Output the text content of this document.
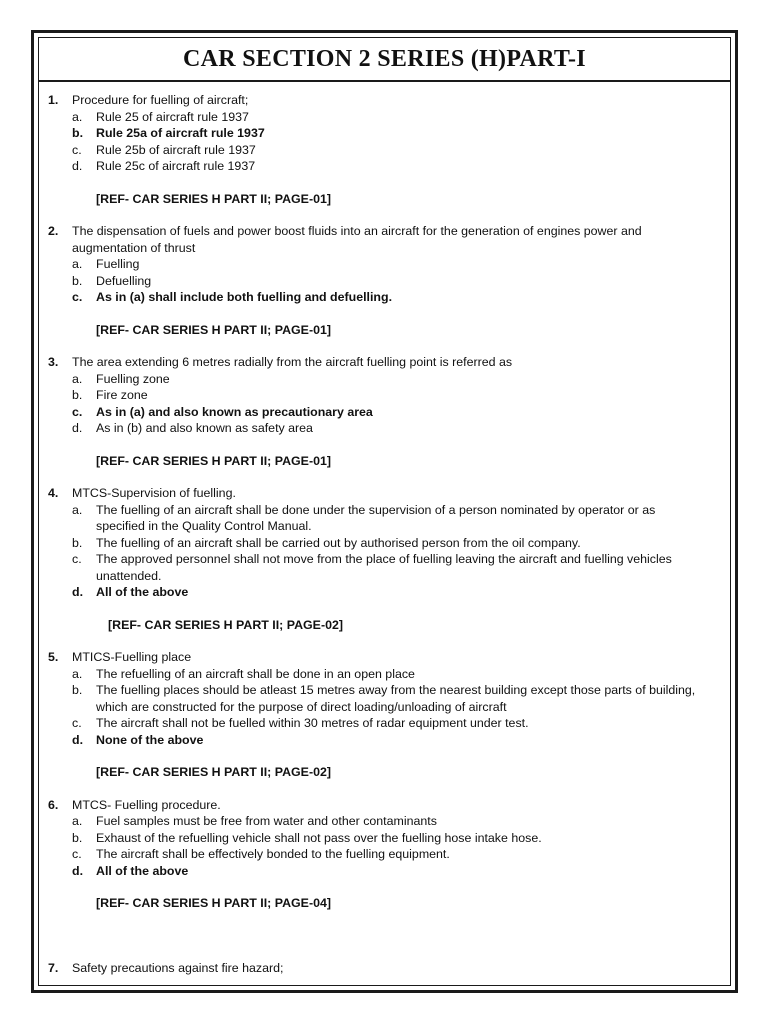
CAR SECTION 2 SERIES (H)PART-I
1.	Procedure for fuelling of aircraft;
a.	Rule 25 of aircraft rule 1937
b.	Rule 25a of aircraft rule 1937
c.	Rule 25b of aircraft rule 1937
d.	Rule 25c of aircraft rule 1937
[REF- CAR SERIES H PART II; PAGE-01]
2.	The dispensation of fuels and power boost fluids into an aircraft for the generation of engines power and augmentation of thrust
a.	Fuelling
b.	Defuelling
c.	As in (a) shall include both fuelling and defuelling.
[REF- CAR SERIES H PART II; PAGE-01]
3.	The area extending 6 metres radially from the aircraft fuelling point is referred as
a.	Fuelling zone
b.	Fire zone
c.	As in (a) and also known as precautionary area
d.	As in (b) and also known as safety area
[REF- CAR SERIES H PART II; PAGE-01]
4.	MTCS-Supervision of fuelling.
a.	The fuelling of an aircraft shall be done under the supervision of a person nominated by operator or as specified in the Quality Control Manual.
b.	The fuelling of an aircraft shall be carried out by authorised person from the oil company.
c.	The approved personnel shall not move from the place of fuelling leaving the aircraft and fuelling vehicles unattended.
d.	All of the above
[REF- CAR SERIES H PART II; PAGE-02]
5.	MTICS-Fuelling place
a.	The refuelling of an aircraft shall be done in an open place
b.	The fuelling places should be atleast 15 metres away from the nearest building except those parts of building, which are constructed for the purpose of direct loading/unloading of aircraft
c.	The aircraft shall not be fuelled within 30 metres of radar equipment under test.
d.	None of the above
[REF- CAR SERIES H PART II; PAGE-02]
6.	MTCS- Fuelling procedure.
a.	Fuel samples must be free from water and other contaminants
b.	Exhaust of the refuelling vehicle shall not pass over the fuelling hose intake hose.
c.	The aircraft shall be effectively bonded to the fuelling equipment.
d.	All of the above
[REF- CAR SERIES H PART II; PAGE-04]
7.	Safety precautions against fire hazard;
